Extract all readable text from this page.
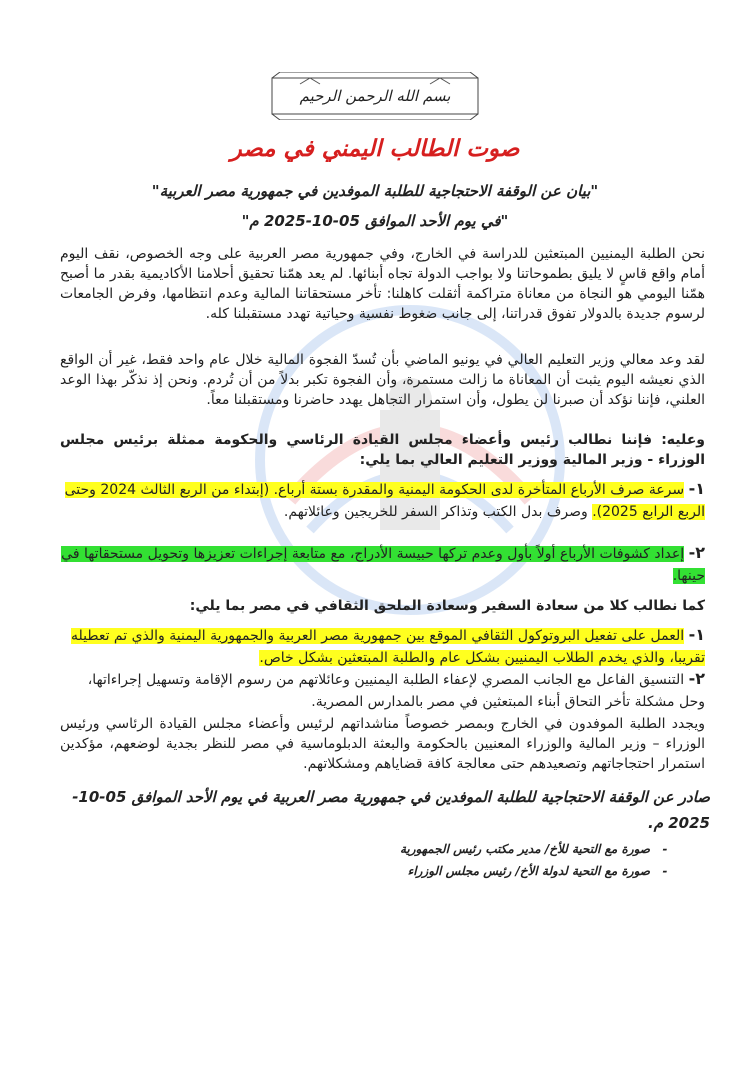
بسم الله الرحمن الرحيم
صوت الطالب اليمني في مصر
"بيان عن الوقفة الاحتجاجية للطلبة الموفدين في جمهورية مصر العربية"
"في يوم الأحد الموافق 05-10-2025 م"
نحن الطلبة اليمنيين المبتعثين للدراسة في الخارج، وفي جمهورية مصر العربية على وجه الخصوص، نقف اليوم أمام واقع قاسٍ لا يليق بطموحاتنا ولا بواجب الدولة تجاه أبنائها. لم يعد همّنا تحقيق أحلامنا الأكاديمية بقدر ما أصبح همّنا اليومي هو النجاة من معاناة متراكمة أثقلت كاهلنا: تأخر مستحقاتنا المالية وعدم انتظامها، وفرض الجامعات لرسوم جديدة بالدولار تفوق قدراتنا، إلى جانب ضغوط نفسية وحياتية تهدد مستقبلنا كله.
لقد وعد معالي وزير التعليم العالي في يونيو الماضي بأن تُسدّ الفجوة المالية خلال عام واحد فقط، غير أن الواقع الذي نعيشه اليوم يثبت أن المعاناة ما زالت مستمرة، وأن الفجوة تكبر بدلاً من أن تُردم. ونحن إذ نذكّر بهذا الوعد العلني، فإننا نؤكد أن صبرنا لن يطول، وأن استمرار التجاهل يهدد حاضرنا ومستقبلنا معاً.
وعليه: فإننا نطالب رئيس وأعضاء مجلس القيادة الرئاسي والحكومة ممثلة برئيس مجلس الوزراء - وزير المالية ووزير التعليم العالي بما يلي:
١- سرعة صرف الأرباع المتأخرة لدى الحكومة اليمنية والمقدرة بستة أرباع. (إبتداء من الربع الثالث 2024 وحتى الربع الرابع 2025). وصرف بدل الكتب وتذاكر السفر للخريجين وعائلاتهم.
٢- إعداد كشوفات الأرباع أولاً بأول وعدم تركها حبيسة الأدراج، مع متابعة إجراءات تعزيزها وتحويل مستحقاتها في حينها.
كما نطالب كلا من سعادة السفير وسعادة الملحق الثقافي في مصر بما يلي:
١- العمل على تفعيل البروتوكول الثقافي الموقع بين جمهورية مصر العربية والجمهورية اليمنية والذي تم تعطيله تقريبا، والذي يخدم الطلاب اليمنيين بشكل عام والطلبة المبتعثين بشكل خاص.
٢- التنسيق الفاعل مع الجانب المصري لإعفاء الطلبة اليمنيين وعائلاتهم من رسوم الإقامة وتسهيل إجراءاتها، وحل مشكلة تأخر التحاق أبناء المبتعثين في مصر بالمدارس المصرية.
ويجدد الطلبة الموفدون في الخارج وبمصر خصوصاً مناشداتهم لرئيس وأعضاء مجلس القيادة الرئاسي ورئيس الوزراء – وزير المالية والوزراء المعنيين بالحكومة والبعثة الدبلوماسية في مصر للنظر بجدية لوضعهم، مؤكدين استمرار احتجاجاتهم وتصعيدهم حتى معالجة كافة قضاياهم ومشكلاتهم.
صادر عن الوقفة الاحتجاجية للطلبة الموفدين في جمهورية مصر العربية في يوم الأحد الموافق 05-10- 2025 م.
-
صورة مع التحية للأخ/ مدير مكتب رئيس الجمهورية
-
صورة مع التحية لدولة الأخ/ رئيس مجلس الوزراء
